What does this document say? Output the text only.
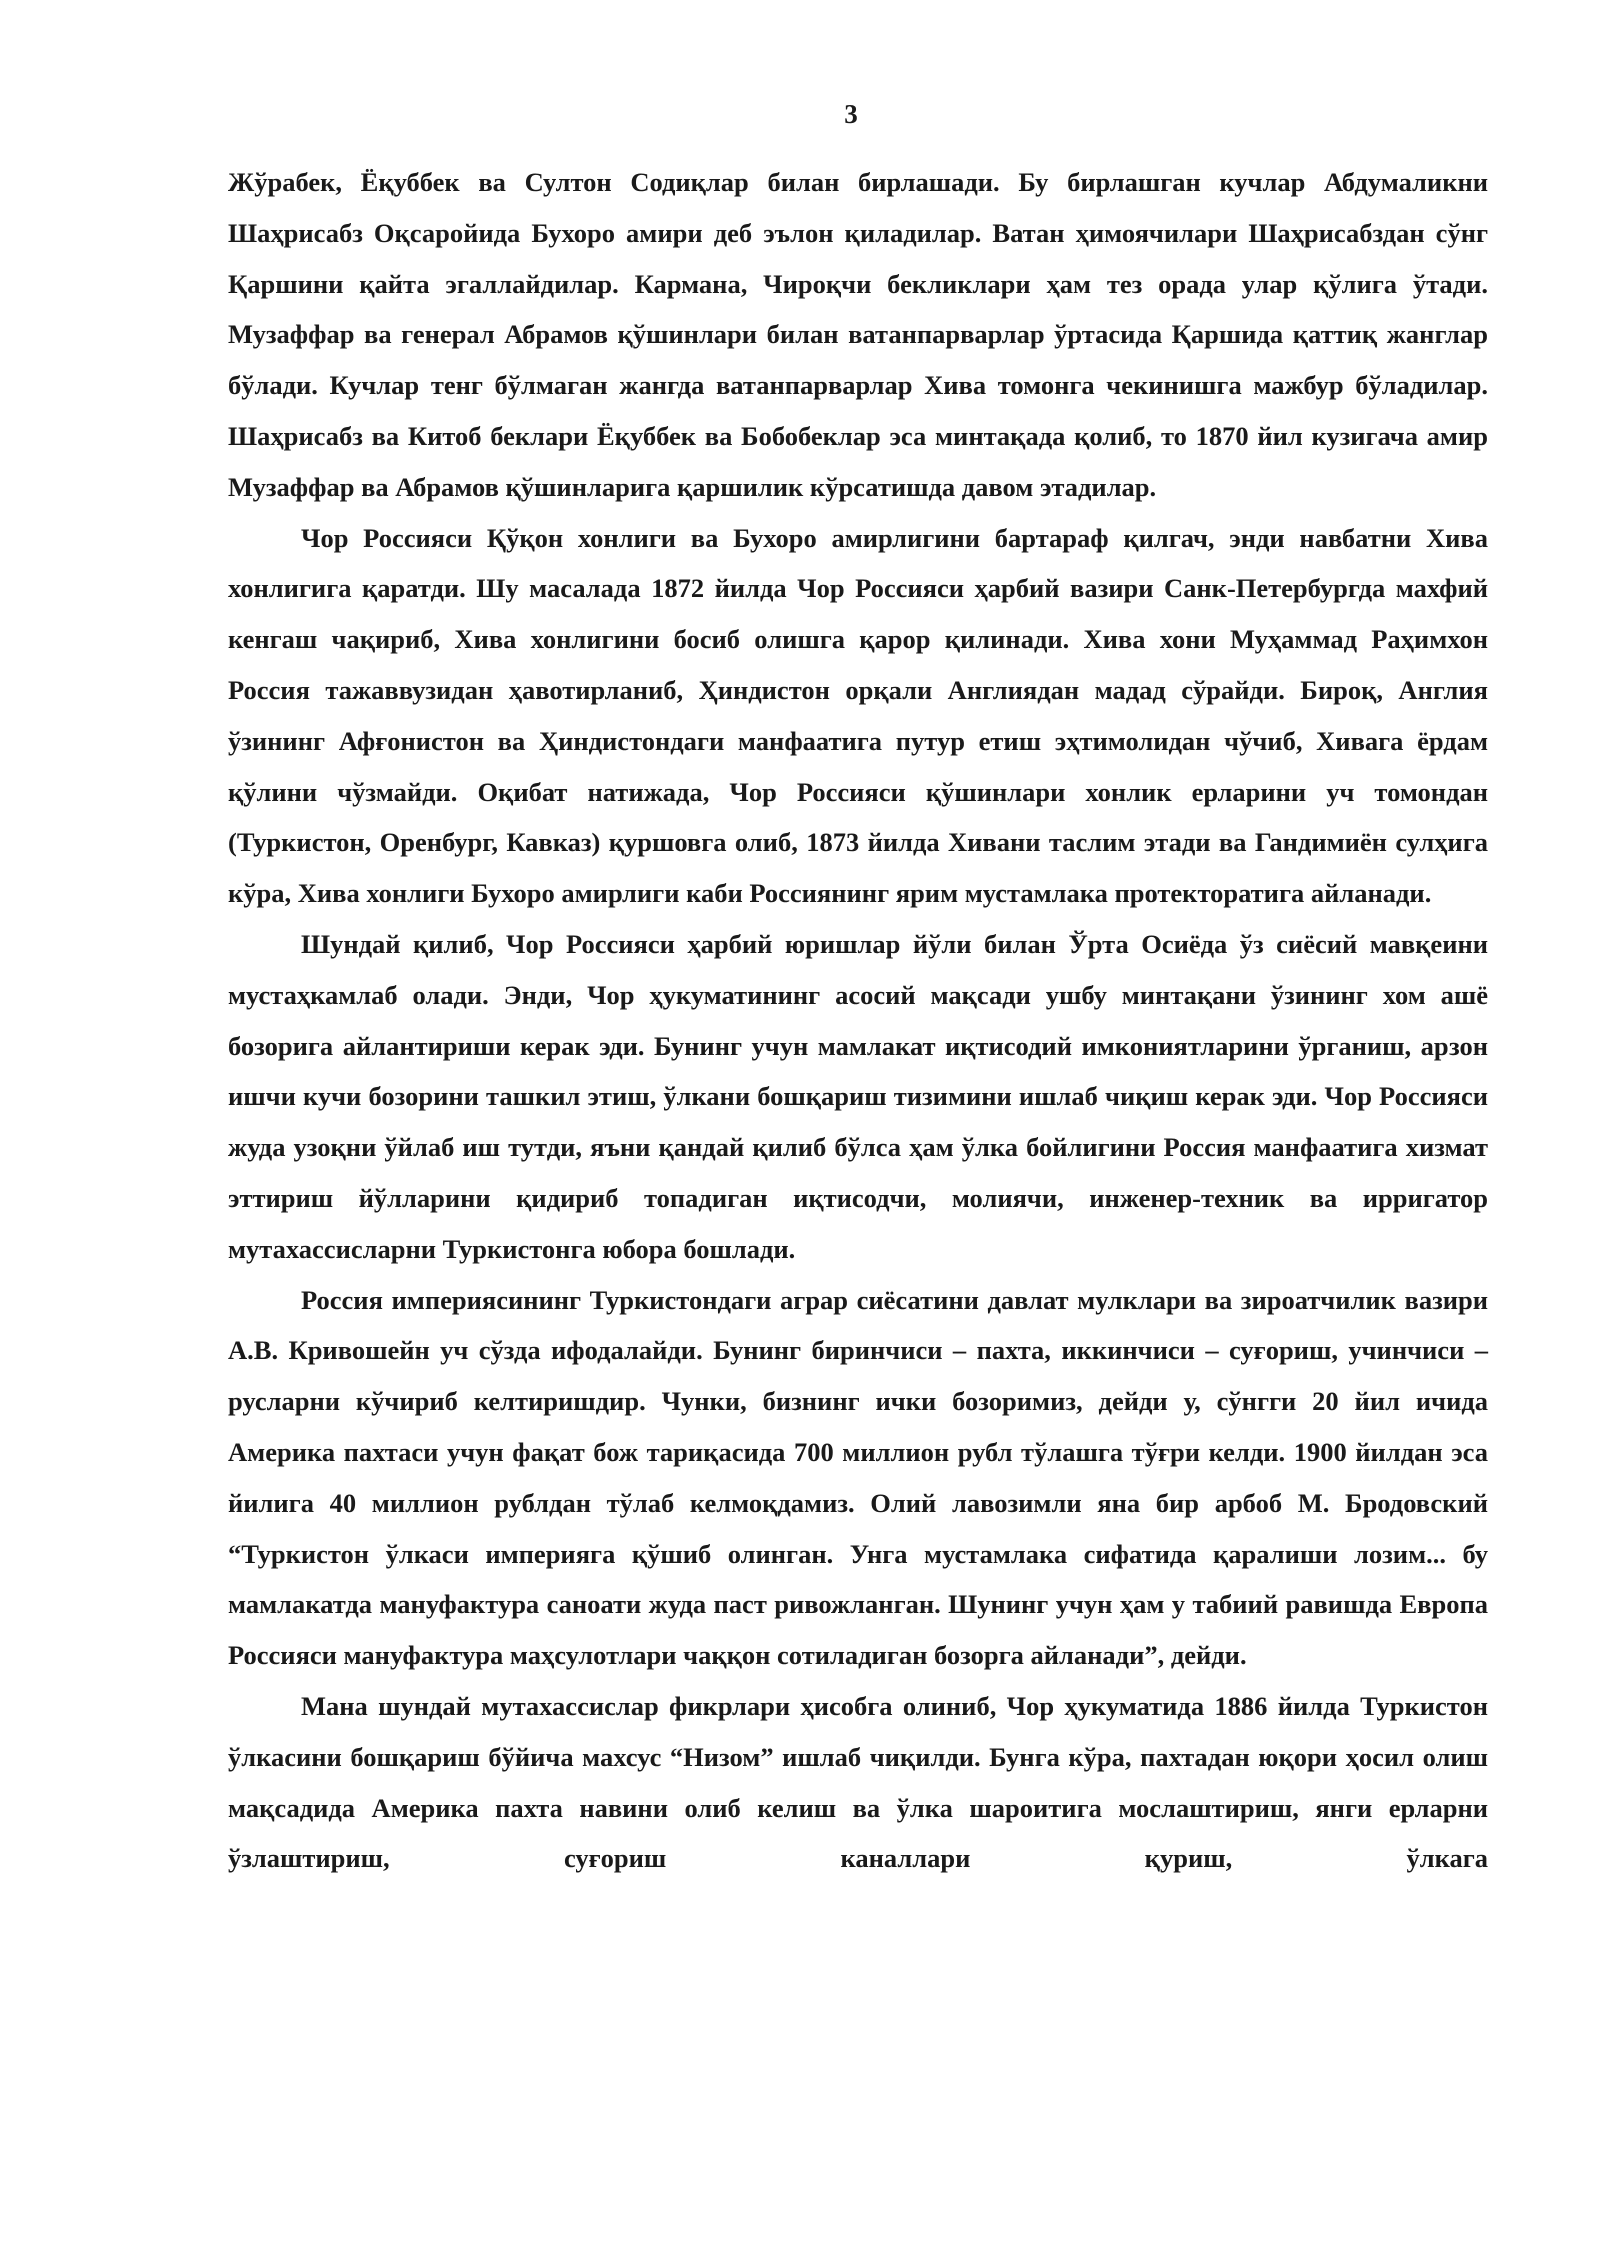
3

Жўрабек, Ёқуббек ва Султон Содиқлар билан бирлашади. Бу бирлашган кучлар Абдумаликни Шаҳрисабз Оқсаройида Бухоро амири деб эълон қиладилар. Ватан ҳимоячилари Шаҳрисабздан сўнг Қаршини қайта эгаллайдилар. Кармана, Чироқчи бекликлари ҳам тез орада улар қўлига ўтади. Музаффар ва генерал Абрамов қўшинлари билан ватанпарварлар ўртасида Қаршида қаттиқ жанглар бўлади. Кучлар тенг бўлмаган жангда ватанпарварлар Хива томонга чекинишга мажбур бўладилар. Шаҳрисабз ва Китоб беклари Ёқуббек ва Бобобеклар эса минтақада қолиб, то 1870 йил кузигача амир Музаффар ва Абрамов қўшинларига қаршилик кўрсатишда давом этадилар.

Чор Россияси Қўқон хонлиги ва Бухоро амирлигини бартараф қилгач, энди навбатни Хива хонлигига қаратди. Шу масалада 1872 йилда Чор Россияси ҳарбий вазири Санк-Петербургда махфий кенгаш чақириб, Хива хонлигини босиб олишга қарор қилинади. Хива хони Муҳаммад Раҳимхон Россия тажаввузидан ҳавотирланиб, Ҳиндистон орқали Англиядан мадад сўрайди. Бироқ, Англия ўзининг Афғонистон ва Ҳиндистондаги манфаатига путур етиш эҳтимолидан чўчиб, Хивага ёрдам қўлини чўзмайди. Оқибат натижада, Чор Россияси қўшинлари хонлик ерларини уч томондан (Туркистон, Оренбург, Кавказ) қуршовга олиб, 1873 йилда Хивани таслим этади ва Гандимиён сулҳига кўра, Хива хонлиги Бухоро амирлиги каби Россиянинг ярим мустамлака протекторатига айланади.

Шундай қилиб, Чор Россияси ҳарбий юришлар йўли билан Ўрта Осиёда ўз сиёсий мавқеини мустаҳкамлаб олади. Энди, Чор ҳукуматининг асосий мақсади ушбу минтақани ўзининг хом ашё бозорига айлантириши керак эди. Бунинг учун мамлакат иқтисодий имкониятларини ўрганиш, арзон ишчи кучи бозорини ташкил этиш, ўлкани бошқариш тизимини ишлаб чиқиш керак эди. Чор Россияси жуда узоқни ўйлаб иш тутди, яъни қандай қилиб бўлса ҳам ўлка бойлигини Россия манфаатига хизмат эттириш йўлларини қидириб топадиган иқтисодчи, молиячи, инженер-техник ва ирригатор мутахассисларни Туркистонга юбора бошлади.

Россия империясининг Туркистондаги аграр сиёсатини давлат мулклари ва зироатчилик вазири А.В. Кривошейн уч сўзда ифодалайди. Бунинг биринчиси – пахта, иккинчиси – суғориш, учинчиси – русларни кўчириб келтиришдир. Чунки, бизнинг ички бозоримиз, дейди у, сўнгги 20 йил ичида Америка пахтаси учун фақат бож тариқасида 700 миллион рубл тўлашга тўғри келди. 1900 йилдан эса йилига 40 миллион рублдан тўлаб келмоқдамиз. Олий лавозимли яна бир арбоб М. Бродовский “Туркистон ўлкаси империяга қўшиб олинган. Унга мустамлака сифатида қаралиши лозим... бу мамлакатда мануфактура саноати жуда паст ривожланган. Шунинг учун ҳам у табиий равишда Европа Россияси мануфактура маҳсулотлари чаққон сотиладиган бозорга айланади”, дейди.

Мана шундай мутахассислар фикрлари ҳисобга олиниб, Чор ҳукуматида 1886 йилда Туркистон ўлкасини бошқариш бўйича махсус “Низом” ишлаб чиқилди. Бунга кўра, пахтадан юқори ҳосил олиш мақсадида Америка пахта навини олиб келиш ва ўлка шароитига мослаштириш, янги ерларни ўзлаштириш, суғориш каналлари қуриш, ўлкага
